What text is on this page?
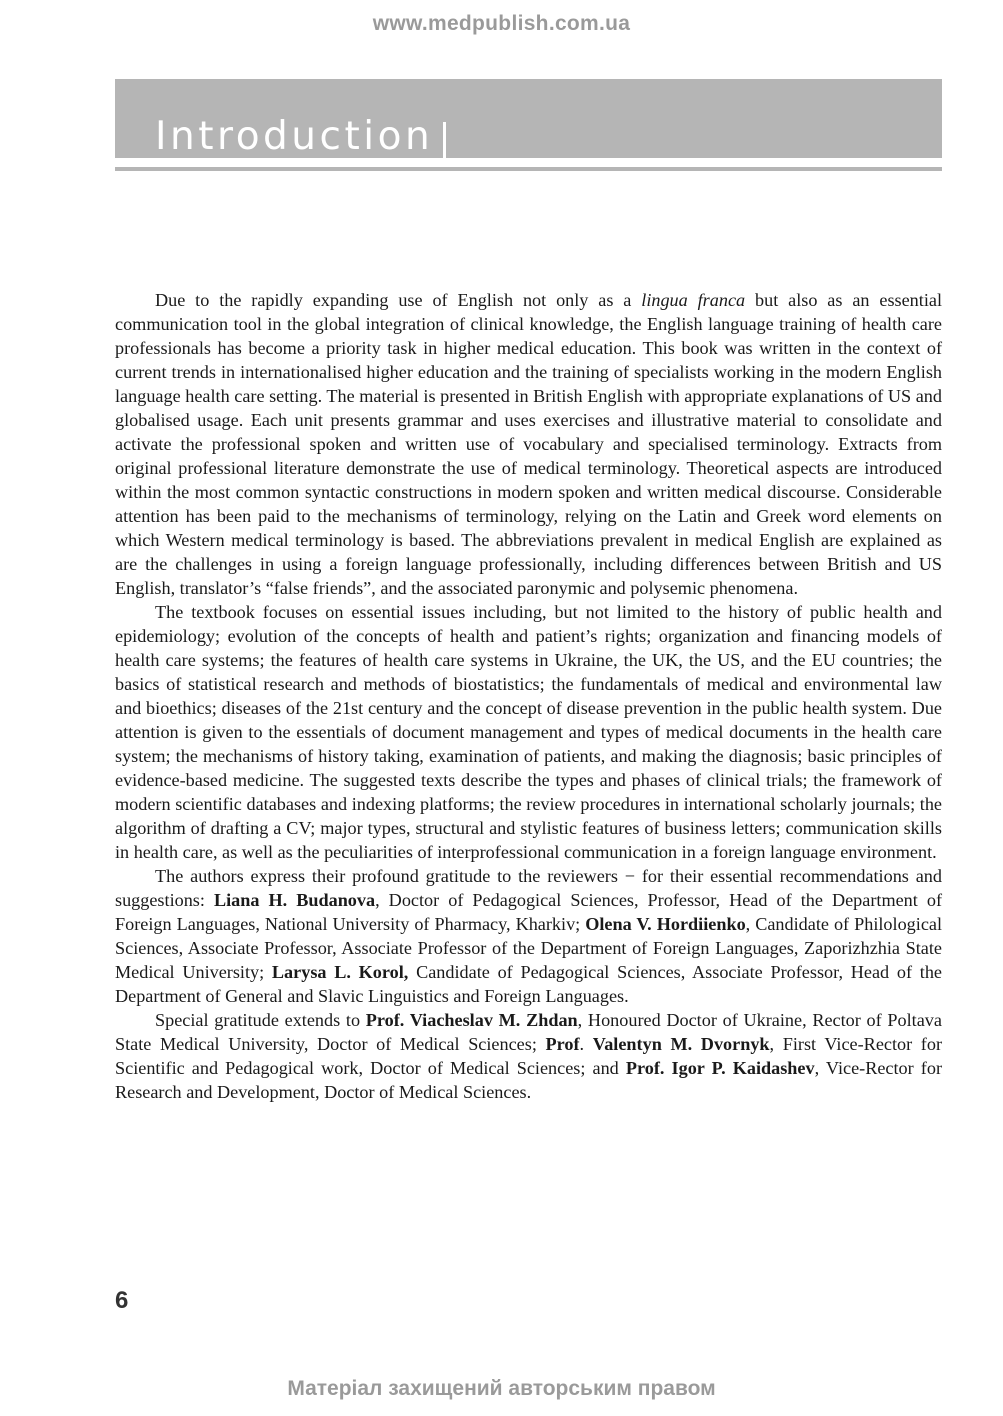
www.medpublish.com.ua
Introduction

Due to the rapidly expanding use of English not only as a lingua franca but also as an essential communication tool in the global integration of clinical knowledge, the English language training of health care professionals has become a priority task in higher medical education. This book was written in the context of current trends in internationalised higher education and the training of specialists working in the modern English language health care setting. The material is presented in British English with appropriate explanations of US and globalised usage. Each unit presents grammar and uses exercises and illustrative material to consolidate and activate the professional spoken and written use of vocabulary and specialised terminology. Extracts from original professional literature demonstrate the use of medical terminology. Theoretical aspects are introduced within the most common syntactic constructions in modern spoken and written medical discourse. Considerable attention has been paid to the mechanisms of terminology, relying on the Latin and Greek word elements on which Western medical terminology is based. The abbreviations prevalent in medical English are explained as are the challenges in using a foreign language professionally, including differences between British and US English, translator’s “false friends”, and the associated paronymic and polysemic phenomena.

The textbook focuses on essential issues including, but not limited to the history of public health and epidemiology; evolution of the concepts of health and patient’s rights; organization and financing models of health care systems; the features of health care systems in Ukraine, the UK, the US, and the EU countries; the basics of statistical research and methods of biostatistics; the fundamentals of medical and environmental law and bioethics; diseases of the 21st century and the concept of disease prevention in the public health system. Due attention is given to the essentials of document management and types of medical documents in the health care system; the mechanisms of history taking, examination of patients, and making the diagnosis; basic principles of evidence-based medicine. The suggested texts describe the types and phases of clinical trials; the framework of modern scientific databases and indexing platforms; the review procedures in international scholarly journals; the algorithm of drafting a CV; major types, structural and stylistic features of business letters; communication skills in health care, as well as the peculiarities of interprofessional communication in a foreign language environment.

The authors express their profound gratitude to the reviewers − for their essential recommendations and suggestions: Liana H. Budanova, Doctor of Pedagogical Sciences, Professor, Head of the Department of Foreign Languages, National University of Pharmacy, Kharkiv; Olena V. Hordiienko, Candidate of Philological Sciences, Associate Professor, Associate Professor of the Department of Foreign Languages, Zaporizhzhia State Medical University; Larysa L. Korol, Candidate of Pedagogical Sciences, Associate Professor, Head of the Department of General and Slavic Linguistics and Foreign Languages.

Special gratitude extends to Prof. Viacheslav M. Zhdan, Honoured Doctor of Ukraine, Rector of Poltava State Medical University, Doctor of Medical Sciences; Prof. Valentyn M. Dvornyk, First Vice-Rector for Scientific and Pedagogical work, Doctor of Medical Sciences; and Prof. Igor P. Kaidashev, Vice-Rector for Research and Development, Doctor of Medical Sciences.

6
Матеріал захищений авторським правом
